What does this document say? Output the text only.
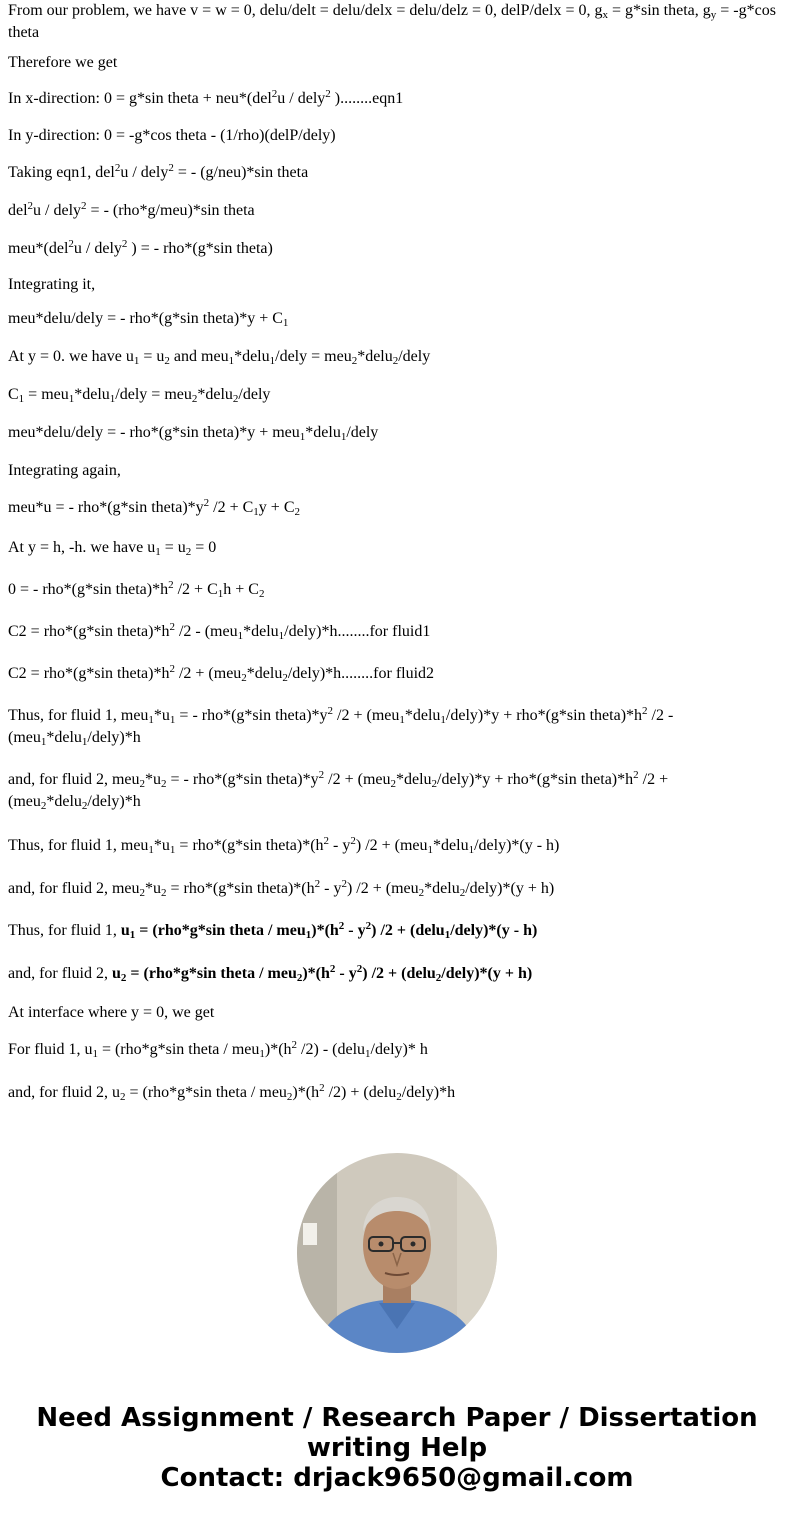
From our problem, we have v = w = 0, delu/delt = delu/delx = delu/delz = 0, delP/delx = 0, $g_x = g*\sin$ theta, $g_y = -g*\cos$ theta
Therefore we get
In x-direction: 0 = g*sin theta + neu*(del$^2$u / dely$^2$ )........eqn1
In y-direction: 0 = -g*cos theta - (1/rho)(delP/dely)
Taking eqn1, del$^2$u / dely$^2$ = - (g/neu)*sin theta
del$^2$u / dely$^2$ = - (rho*g/meu)*sin theta
meu*(del$^2$u / dely$^2$ ) = - rho*(g*sin theta)
Integrating it,
meu*delu/dely = - rho*(g*sin theta)*y + $C_1$
At y = 0. we have $u_1 = u_2$ and meu$_1$*delu$_1$/dely = meu$_2$*delu$_2$/dely
$C_1$ = meu$_1$*delu$_1$/dely = meu$_2$*delu$_2$/dely
meu*delu/dely = - rho*(g*sin theta)*y + meu$_1$*delu$_1$/dely
Integrating again,
meu*u = - rho*(g*sin $theta)*y^2$ $/2 + C_1y + C_2$
At y = h, -h. we have $u_1 = u_2 = 0$
0 = - rho*(g*sin $theta)*h^2$ $/2 + C_1h + C_2$
C2 = rho*(g*sin $theta)*h^2$ /2 - (meu$_1$*delu$_1$/dely)*h........for fluid1
C2 = rho*(g*sin $theta)*h^2$ /2 + (meu$_2$*delu$_2$/dely)*h........for fluid2
Thus, for fluid 1, $meu_1*u_1$ = - rho*(g*sin $theta)*y^2$ /2 + (meu$_1$*delu$_1$/dely)*y + rho*(g*sin $theta)*h^2$ /2 - (meu$_1$*delu$_1$/dely)*h
and, for fluid 2, $meu_2*u_2$ = - rho*(g*sin $theta)*y^2$ /2 + (meu$_2$*delu$_2$/dely)*y + rho*(g*sin $theta)*h^2$ /2 + (meu$_2$*delu$_2$/dely)*h
Thus, for fluid 1, $meu_1*u_1 = rho*(g*\sin$ $theta)*(h^2 - y^2)$ /2 + (meu$_1$*delu$_1$/dely)*(y - h)
and, for fluid 2, $meu_2*u_2 = rho*(g*\sin$ $theta)*(h^2 - y^2)$ /2 + (meu$_2$*delu$_2$/dely)*(y + h)
Thus, for fluid 1, $u_1 = (rho*g*\sin$ theta / $meu_1)*(h^2 - y^2)$ /2 + (delu$_1$/dely)*(y - h)
and, for fluid 2, $u_2 = (rho*g*\sin$ theta / $meu_2)*(h^2 - y^2)$ /2 + (delu$_2$/dely)*(y + h)
At interface where y = 0, we get
For fluid 1, $u_1 = (rho*g*\sin$ theta / $meu_1)*(h^2$ /2) - (delu$_1$/dely)* h
and, for fluid 2, $u_2 = (rho*g*\sin$ theta / $meu_2)*(h^2$ /2) + (delu$_2$/dely)*h
Need Assignment / Research Paper / Dissertation
writing Help
Contact: drjack9650@gmail.com
